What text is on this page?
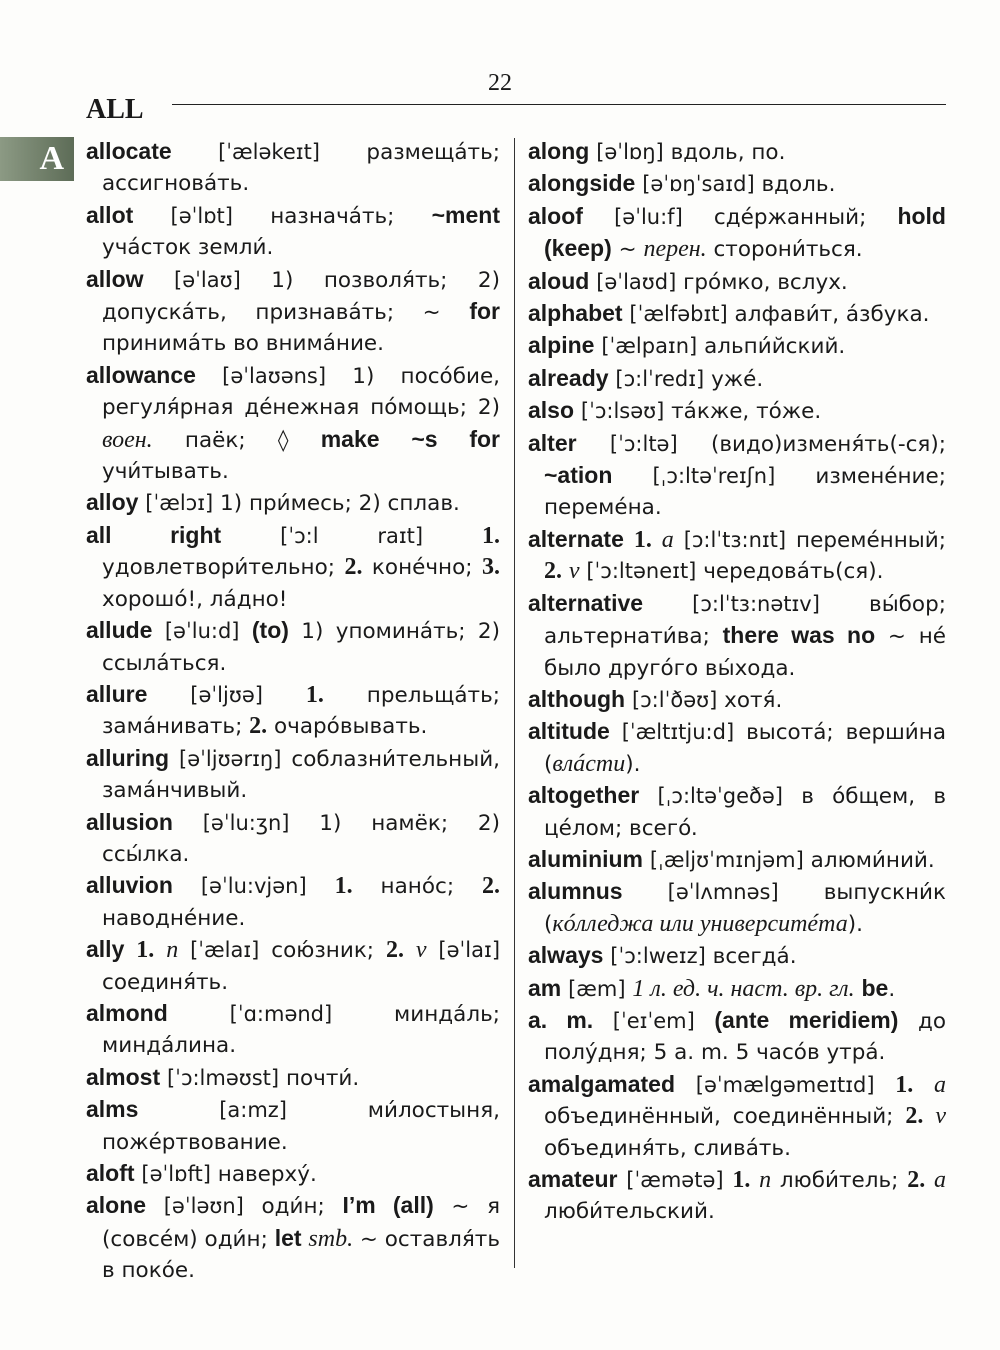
22
ALL
A allocate [ˈæləkeɪt] размещáть; ассигновáть.

allot [əˈlɒt] назначáть; ~ment учáсток земли́.

allow [əˈlaʊ] 1) позволя́ть; 2) допускáть, признавáть; ~ for принимáть во внимáние.

allowance [əˈlaʊəns] 1) посóбие, регуля́рная дéнежная пóмощь; 2) воен. паёк; ◊ make ~s for учи́тывать.

alloy [ˈælɔɪ] 1) при́месь; 2) сплав.

all right	[ˈɔ:l raɪt] 1. удовлетвори́тельно; 2. конéчно; 3. хорошó!, лáдно!

allude [əˈlu:d] (to) 1) упоминáть; 2) ссылáться.

allure [əˈljʊə] 1. прельщáть; замáнивать; 2. очарóвывать.

alluring [əˈljʊərɪŋ] соблазни́тельный, замáнчивый.

allusion [əˈlu:ʒn] 1) намёк; 2) ссы́лка.

alluvion [əˈlu:vjən] 1. нанóс; 2. наводнéние.

ally 1. n [ˈælaɪ] сою́зник; 2. v [əˈlaɪ] соединя́ть.

almond	[ˈɑ:mənd] минда́ль; минда́лина.

almost [ˈɔ:lməʊst] почти́.

alms	[a:mz] ми́лостыня, пожéртвование.

aloft [əˈlɒft] наверху́.

alone [əˈləʊn] оди́н; I’m (all) ~ я (совсéм) оди́н; let smb. ~ оставля́ть в покóе.

along [əˈlɒŋ] вдоль, по.

alongside [əˈɒŋˈsaɪd] вдоль.

aloof [əˈlu:f] сдéржанный; hold (keep) ~ перен. сторони́ться.

aloud [əˈlaʊd] грóмко, вслух.

alphabet [ˈælfəbɪt] алфави́т, áзбука.

alpine [ˈælpaɪn] альпи́йский.

already [ɔ:lˈredɪ] ужé.

also [ˈɔ:lsəʊ] тáкже, тóже.

alter [ˈɔ:ltə] (видо)изменя́ть(-ся); ~ation [ˌɔ:ltəˈreɪʃn] изменéние; перемéна.

alternate 1. a [ɔ:lˈtɜ:nɪt] перемéнный; 2. v [ˈɔ:ltəneɪt] чередовáть(ся).

alternative [ɔ:lˈtɜ:nətɪv] вы́бор; альтернати́ва; there was no ~ нé было другóго вы́хода.

although [ɔ:lˈðəʊ] хотя́.

altitude [ˈæltɪtju:d] высотá; верши́на (влáсти).

altogether [ˌɔ:ltəˈgeðə] в óбщем, в цéлом; всегó.

aluminium [ˌæljʊˈmɪnjəm] алюми́ний.

alumnus [əˈlʌmnəs] выпускни́к (кóлледжа или университéта).

always [ˈɔ:lweɪz] всегдá.

am [æm] 1 л. ед. ч. наст. вр. гл. be.

a. m. [ˈeɪˈem] (ante meridiem) до полу́дня; 5 a. m. 5 часóв утрá.

amalgamated [əˈmælgəmeɪtɪd] 1. a объединённый, соединённый; 2. v объединя́ть, сливáть.

amateur [ˈæmətə] 1. n люби́тель; 2. a люби́тельский.
